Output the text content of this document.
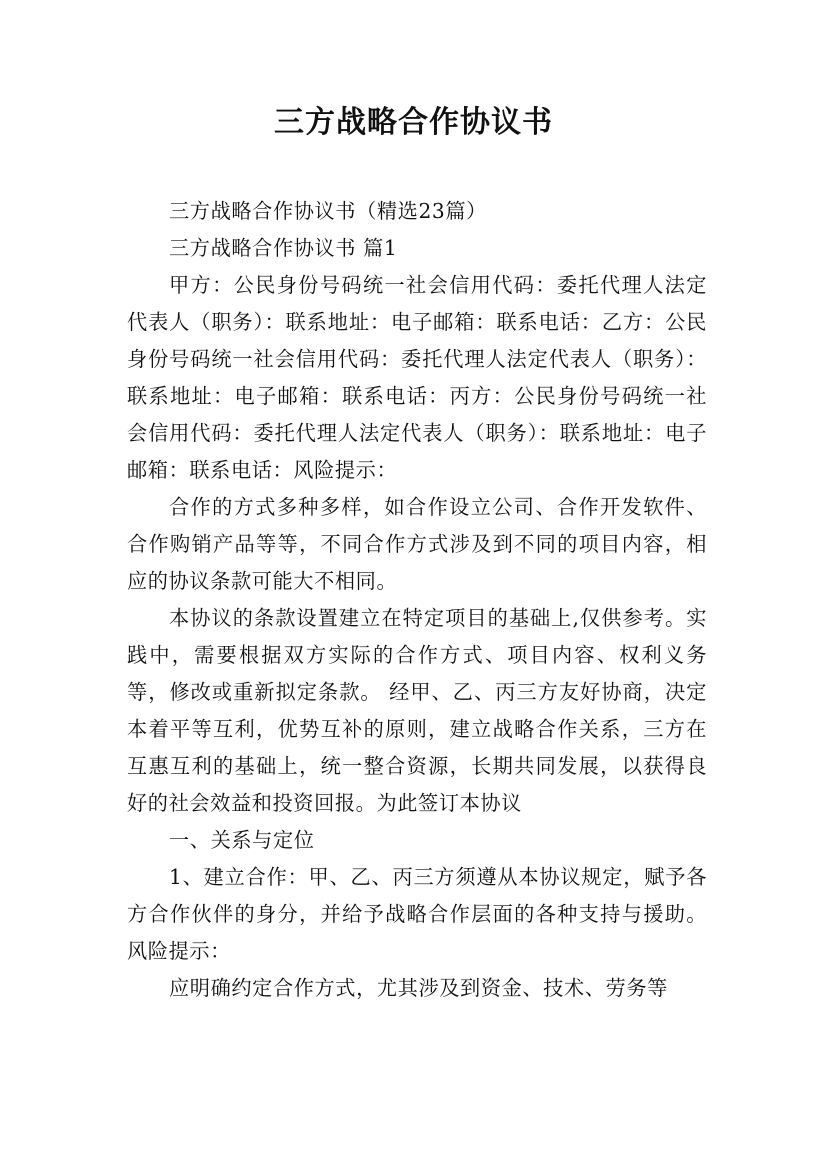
三方战略合作协议书

三方战略合作协议书（精选23篇）

三方战略合作协议书 篇1

甲方：公民身份号码统一社会信用代码：委托代理人法定代表人（职务）：联系地址：电子邮箱：联系电话：乙方：公民身份号码统一社会信用代码：委托代理人法定代表人（职务）：联系地址：电子邮箱：联系电话：丙方：公民身份号码统一社会信用代码：委托代理人法定代表人（职务）：联系地址：电子邮箱：联系电话：风险提示：

合作的方式多种多样，如合作设立公司、合作开发软件、合作购销产品等等，不同合作方式涉及到不同的项目内容，相应的协议条款可能大不相同。

本协议的条款设置建立在特定项目的基础上,仅供参考。实践中，需要根据双方实际的合作方式、项目内容、权利义务等，修改或重新拟定条款。 经甲、乙、丙三方友好协商，决定本着平等互利，优势互补的原则，建立战略合作关系，三方在互惠互利的基础上，统一整合资源，长期共同发展，以获得良好的社会效益和投资回报。为此签订本协议

一、关系与定位

1、建立合作：甲、乙、丙三方须遵从本协议规定，赋予各方合作伙伴的身分，并给予战略合作层面的各种支持与援助。风险提示：

应明确约定合作方式，尤其涉及到资金、技术、劳务等
